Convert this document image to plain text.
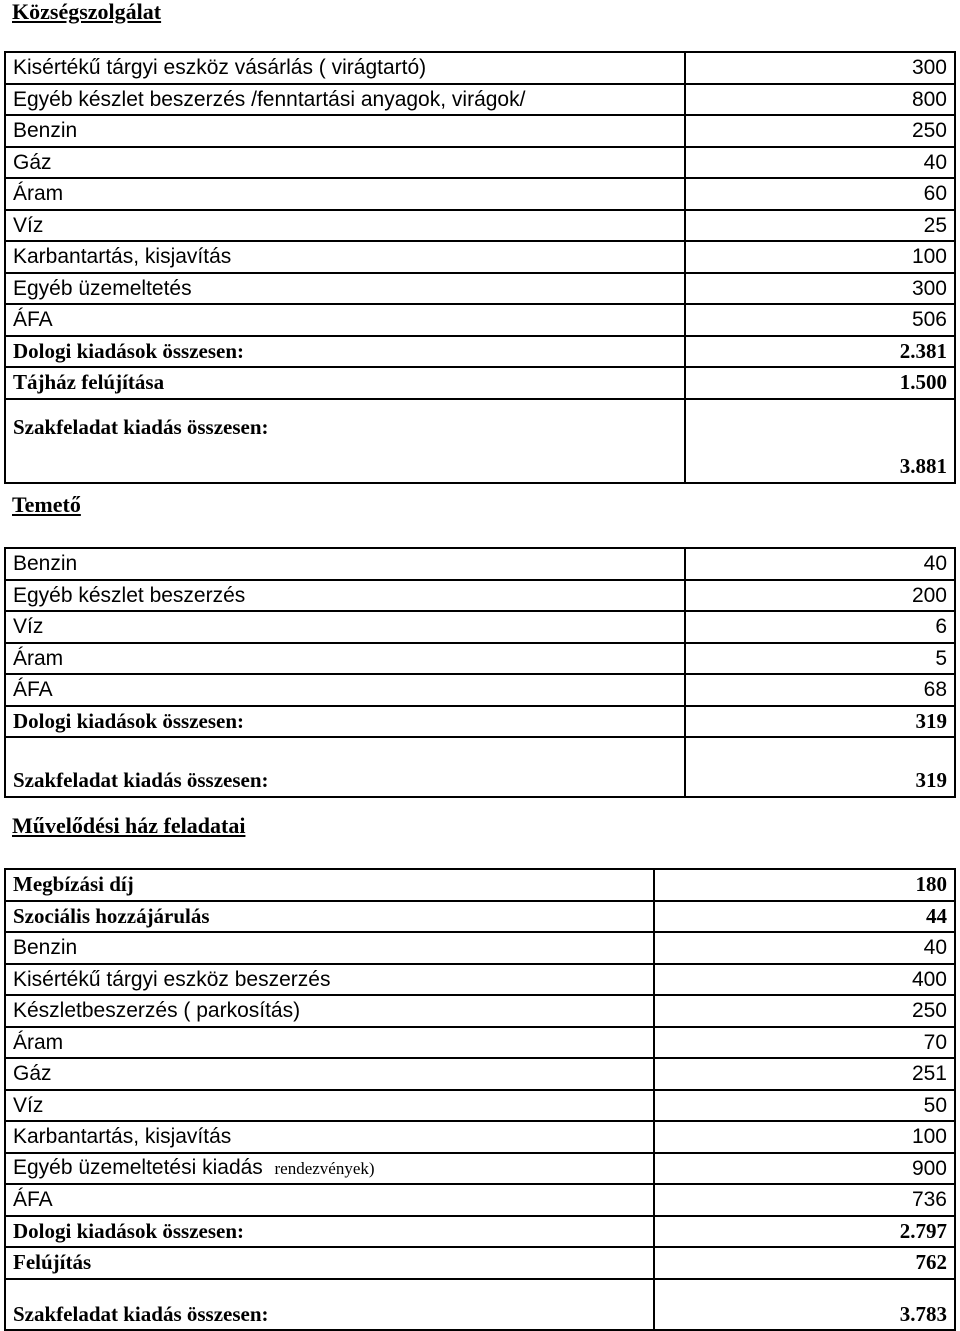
Községszolgálat
Kisértékű tárgyi eszköz vásárlás ( virágtartó)	300
Egyéb készlet beszerzés /fenntartási anyagok, virágok/	800
Benzin	250
Gáz	40
Áram	60
Víz	25
Karbantartás, kisjavítás	100
Egyéb üzemeltetés	300
ÁFA	506
Dologi kiadások összesen:	2.381
Tájház felújítása	1.500
Szakfeladat kiadás összesen:	3.881
Temető
Benzin	40
Egyéb készlet beszerzés	200
Víz	6
Áram	5
ÁFA	68
Dologi kiadások összesen:	319
Szakfeladat kiadás összesen:	319
Művelődési ház feladatai
Megbízási díj	180
Szociális hozzájárulás	44
Benzin	40
Kisértékű tárgyi eszköz beszerzés	400
Készletbeszerzés ( parkosítás)	250
Áram	70
Gáz	251
Víz	50
Karbantartás, kisjavítás	100
Egyéb üzemeltetési kiadás rendezvények)	900
ÁFA	736
Dologi kiadások összesen:	2.797
Felújítás	762
Szakfeladat kiadás összesen:	3.783
